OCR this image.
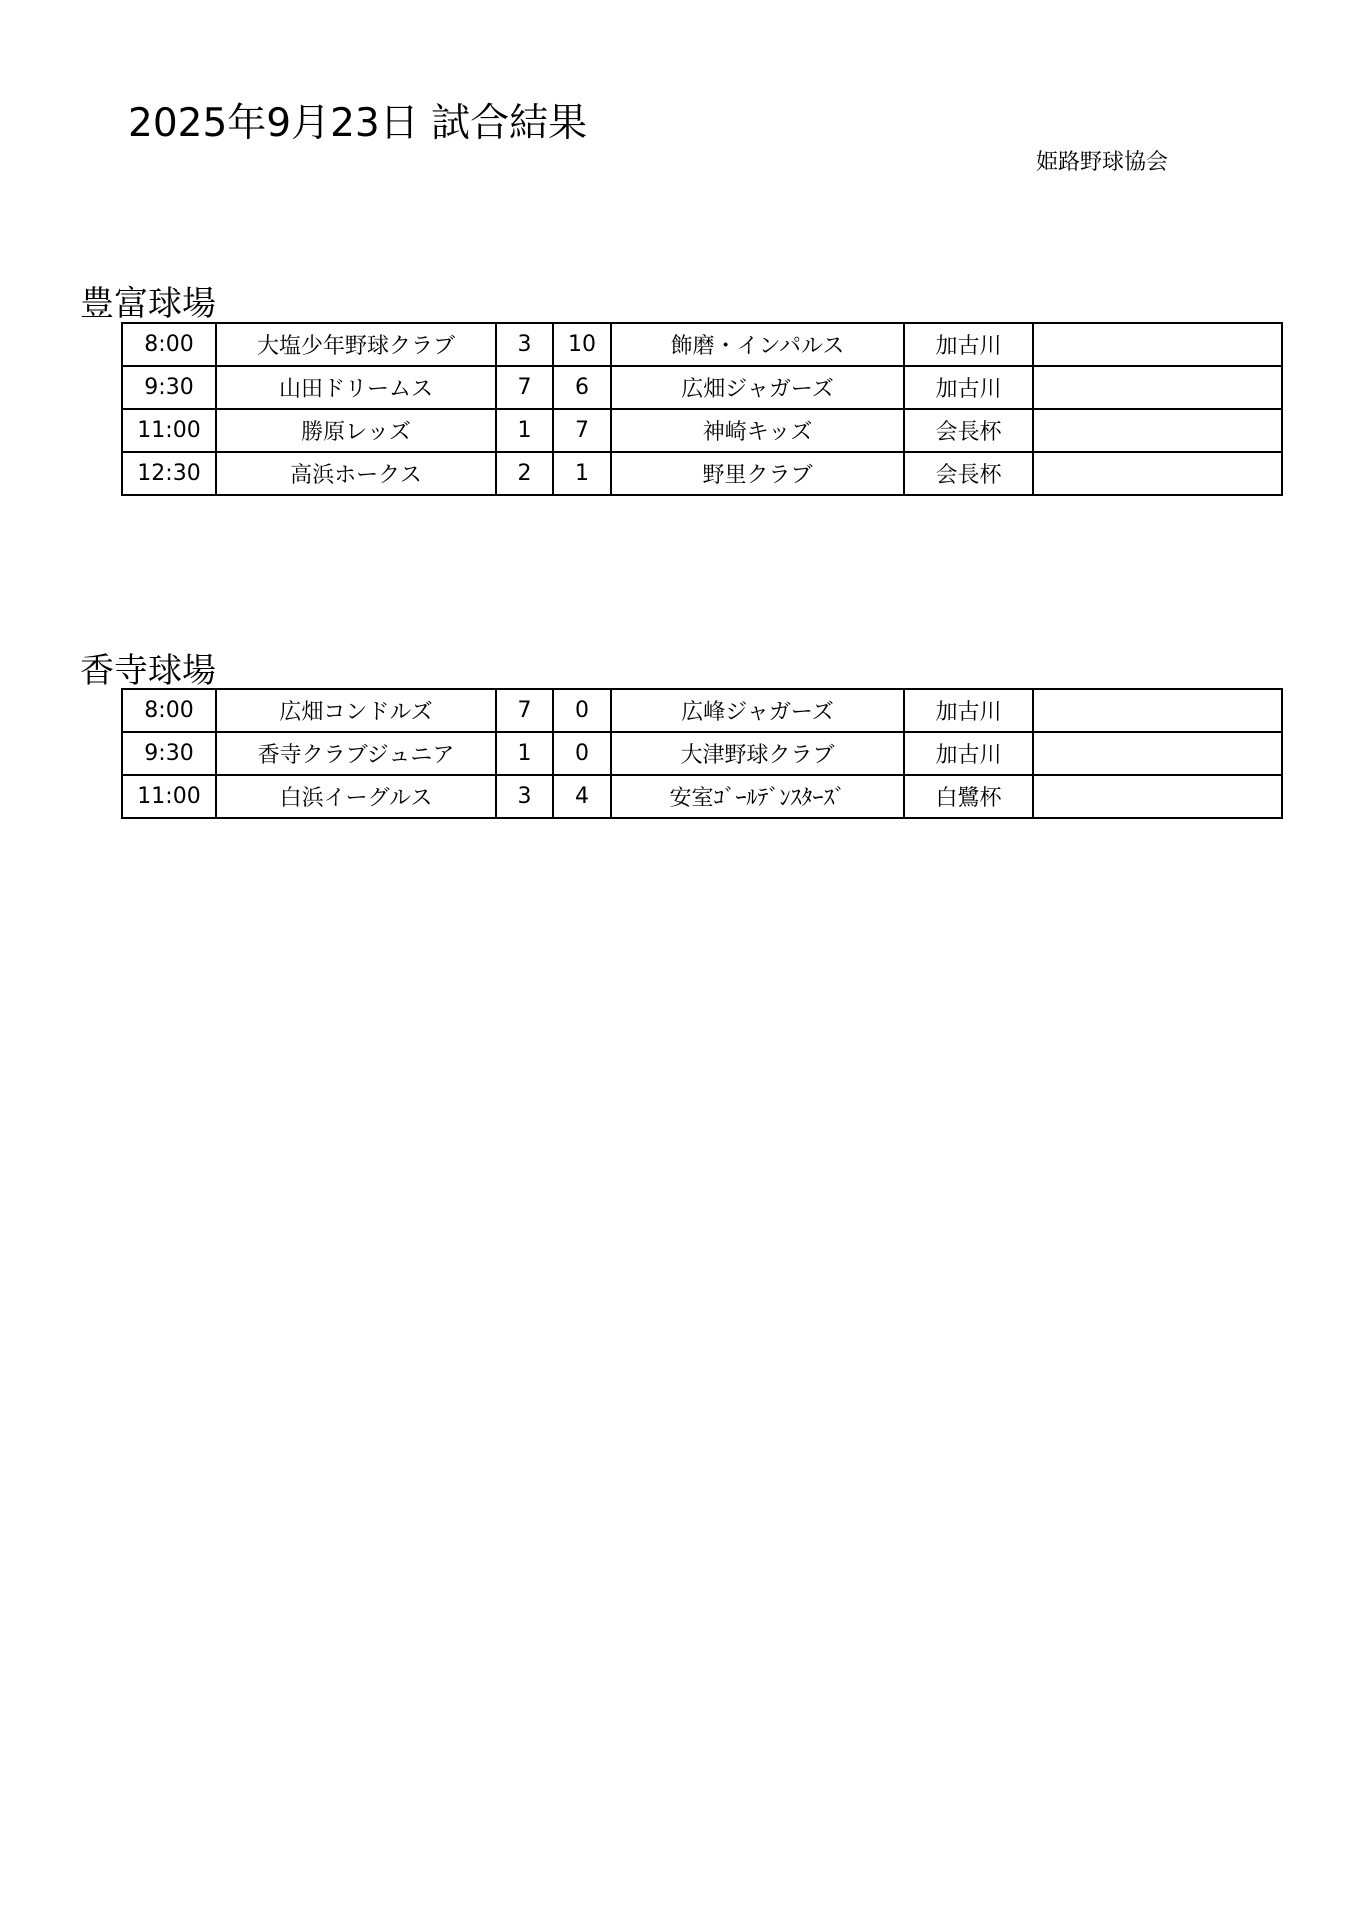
2025年9月23日 試合結果
姫路野球協会
豊富球場
8:00	大塩少年野球クラブ	3	10	飾磨・インパルス	加古川	
9:30	山田ドリームス	7	6	広畑ジャガーズ	加古川	
11:00	勝原レッズ	1	7	神崎キッズ	会長杯	
12:30	高浜ホークス	2	1	野里クラブ	会長杯	
香寺球場
8:00	広畑コンドルズ	7	0	広峰ジャガーズ	加古川	
9:30	香寺クラブジュニア	1	0	大津野球クラブ	加古川	
11:00	白浜イーグルス	3	4	安室ｺﾞｰﾙﾃﾞﾝｽﾀｰｽﾞ	白鷺杯	
